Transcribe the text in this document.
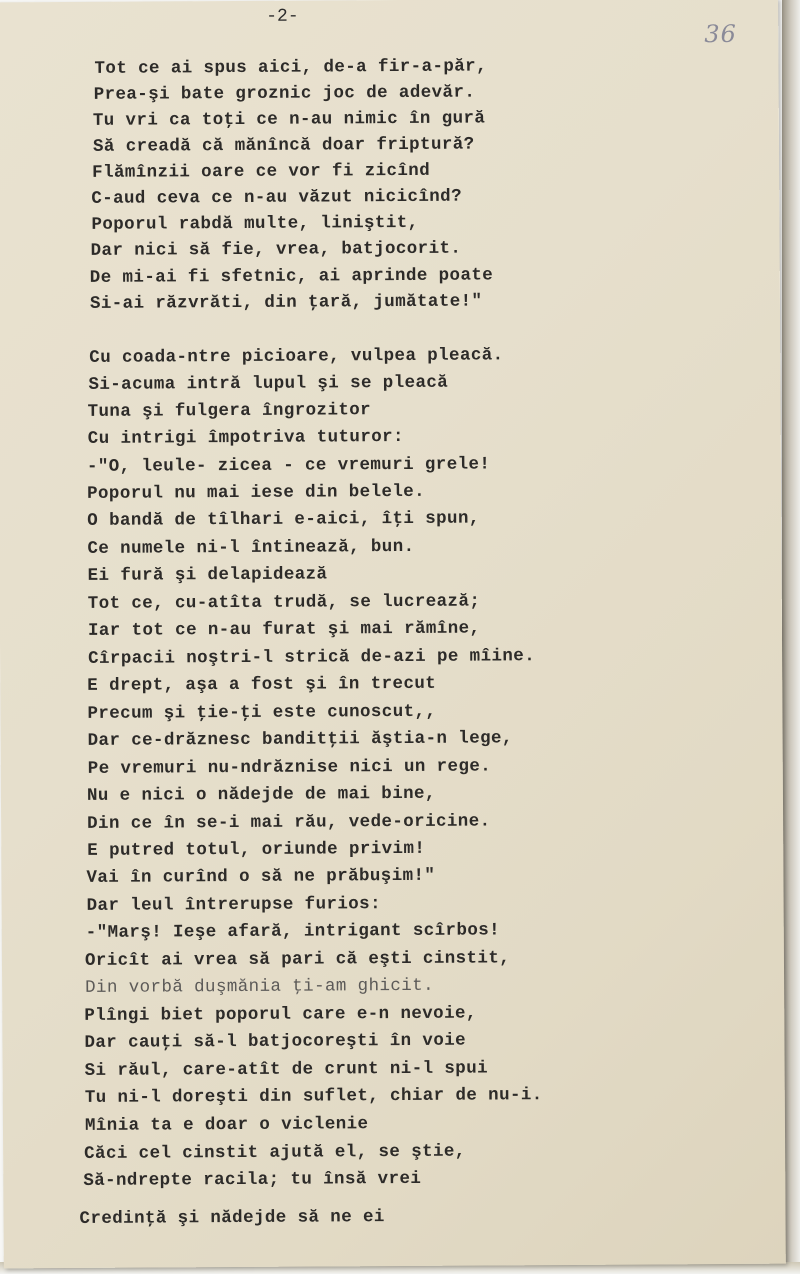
-2-
36
Tot ce ai spus aici, de-a fir-a-păr,
Prea-şi bate groznic joc de adevăr.
Tu vri ca toţi ce n-au nimic în gură
Să creadă că mănîncă doar friptură?
Flămînzii oare ce vor fi zicînd
C-aud ceva ce n-au văzut nicicînd?
Poporul rabdă multe, liniştit,
Dar nici să fie, vrea, batjocorit.
De mi-ai fi sfetnic, ai aprinde poate
Si-ai răzvrăti, din ţară, jumătate!"
Cu coada-ntre picioare, vulpea pleacă.
Si-acuma intră lupul şi se pleacă
Tuna şi fulgera îngrozitor
Cu intrigi împotriva tuturor:
-"O, leule- zicea - ce vremuri grele!
Poporul nu mai iese din belele.
O bandă de tîlhari e-aici, îţi spun,
Ce numele ni-l întinează, bun.
Ei fură şi delapidează
Tot ce, cu-atîta trudă, se lucrează;
Iar tot ce n-au furat şi mai rămîne,
Cîrpacii noştri-l strică de-azi pe mîine.
E drept, aşa a fost şi în trecut
Precum şi ţie-ţi este cunoscut,,
Dar ce-drăznesc banditţii ăştia-n lege,
Pe vremuri nu-ndrăznise nici un rege.
Nu e nici o nădejde de mai bine,
Din ce în se-i mai rău, vede-oricine.
E putred totul, oriunde privim!
Vai în curînd o să ne prăbuşim!"
Dar leul întrerupse furios:
-"Marş! Ieşe afară, intrigant scîrbos!
Oricît ai vrea să pari că eşti cinstit,
Din vorbă duşmănia ţi-am ghicit.
Plîngi biet poporul care e-n nevoie,
Dar cauţi să-l batjocoreşti în voie
Si răul, care-atît de crunt ni-l spui
Tu ni-l doreşti din suflet, chiar de nu-i.
Mînia ta e doar o viclenie
Căci cel cinstit ajută el, se ştie,
Să-ndrepte racila; tu însă vrei
Credinţă şi nădejde să ne ei
